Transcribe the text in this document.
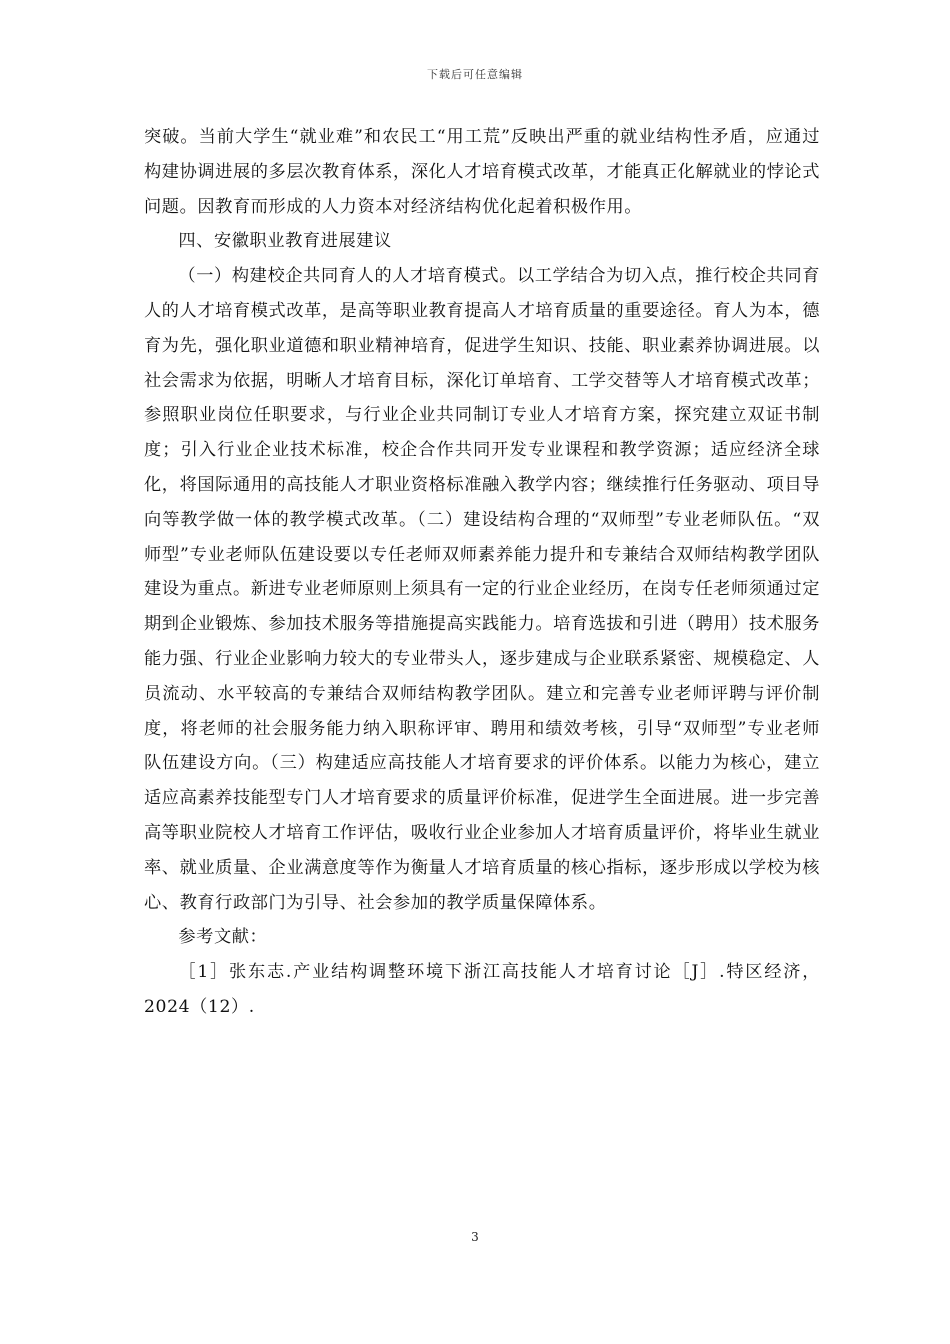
下载后可任意编辑

突破。当前大学生“就业难”和农民工“用工荒”反映出严重的就业结构性矛盾，应通过构建协调进展的多层次教育体系，深化人才培育模式改革，才能真正化解就业的悖论式问题。因教育而形成的人力资本对经济结构优化起着积极作用。

四、安徽职业教育进展建议

（一）构建校企共同育人的人才培育模式。以工学结合为切入点，推行校企共同育人的人才培育模式改革，是高等职业教育提高人才培育质量的重要途径。育人为本，德育为先，强化职业道德和职业精神培育，促进学生知识、技能、职业素养协调进展。以社会需求为依据，明晰人才培育目标，深化订单培育、工学交替等人才培育模式改革；参照职业岗位任职要求，与行业企业共同制订专业人才培育方案，探究建立双证书制度；引入行业企业技术标准，校企合作共同开发专业课程和教学资源；适应经济全球化，将国际通用的高技能人才职业资格标准融入教学内容；继续推行任务驱动、项目导向等教学做一体的教学模式改革。（二）建设结构合理的“双师型”专业老师队伍。“双师型”专业老师队伍建设要以专任老师双师素养能力提升和专兼结合双师结构教学团队建设为重点。新进专业老师原则上须具有一定的行业企业经历，在岗专任老师须通过定期到企业锻炼、参加技术服务等措施提高实践能力。培育选拔和引进（聘用）技术服务能力强、行业企业影响力较大的专业带头人，逐步建成与企业联系紧密、规模稳定、人员流动、水平较高的专兼结合双师结构教学团队。建立和完善专业老师评聘与评价制度，将老师的社会服务能力纳入职称评审、聘用和绩效考核，引导“双师型”专业老师队伍建设方向。（三）构建适应高技能人才培育要求的评价体系。以能力为核心，建立适应高素养技能型专门人才培育要求的质量评价标准，促进学生全面进展。进一步完善高等职业院校人才培育工作评估，吸收行业企业参加人才培育质量评价，将毕业生就业率、就业质量、企业满意度等作为衡量人才培育质量的核心指标，逐步形成以学校为核心、教育行政部门为引导、社会参加的教学质量保障体系。

参考文献：

［1］张东志.产业结构调整环境下浙江高技能人才培育讨论［J］.特区经济，2024（12）.

3
